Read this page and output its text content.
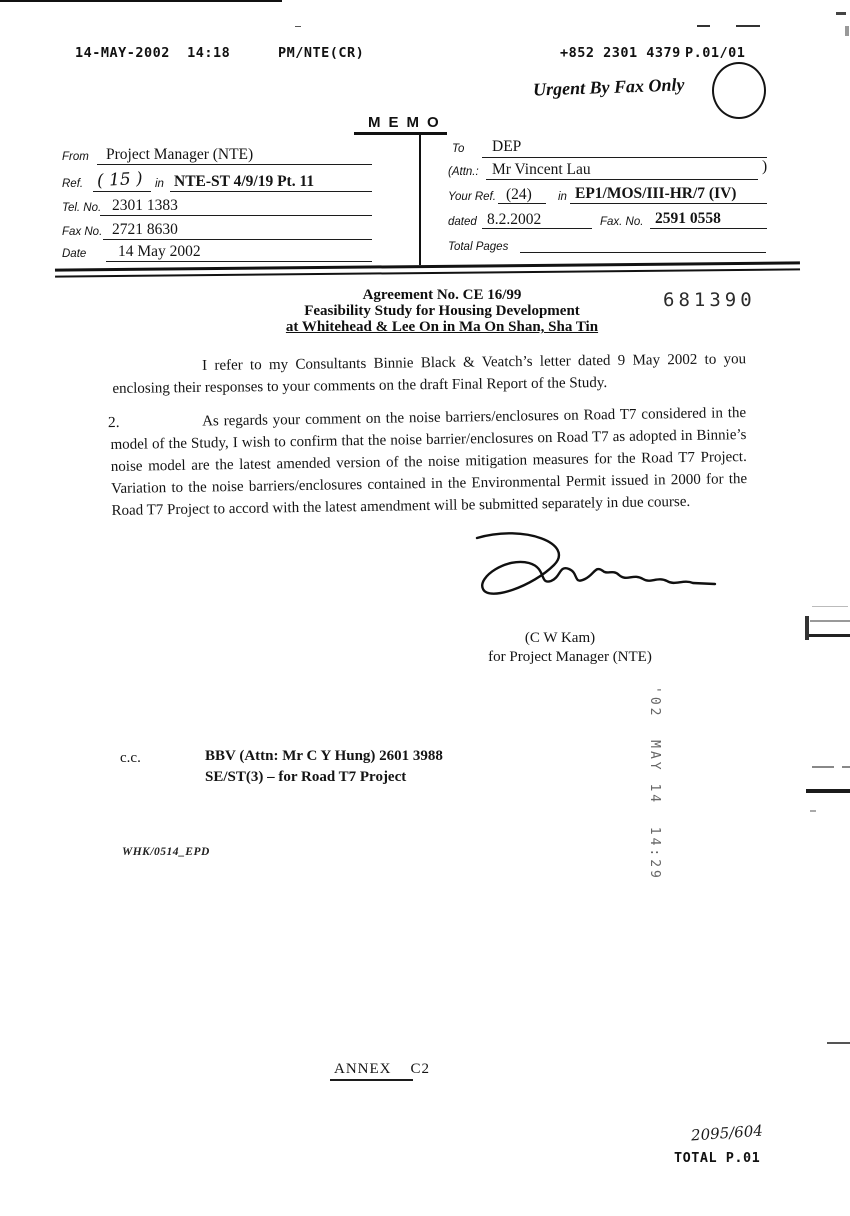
14-MAY-2002  14:18	PM/NTE(CR)	+852 2301 4379 P.01/01
Urgent By Fax Only
MEMO
From Project Manager (NTE)
Ref. ( 15 ) in NTE-ST 4/9/19 Pt. 11
Tel. No. 2301 1383
Fax No. 2721 8630
Date 14 May 2002
To DEP
(Attn.: Mr Vincent Lau	)
Your Ref. (24) in EP1/MOS/III-HR/7 (IV)
dated 8.2.2002	Fax. No. 2591 0558
Total Pages
Agreement No. CE 16/99
Feasibility Study for Housing Development
at Whitehead & Lee On in Ma On Shan, Sha Tin
681390

I refer to my Consultants Binnie Black & Veatch’s letter dated 9 May 2002 to you enclosing their responses to your comments on the draft Final Report of the Study.

2.	As regards your comment on the noise barriers/enclosures on Road T7 considered in the model of the Study, I wish to confirm that the noise barrier/enclosures on Road T7 as adopted in Binnie’s noise model are the latest amended version of the noise mitigation measures for the Road T7 Project. Variation to the noise barriers/enclosures contained in the Environmental Permit issued in 2000 for the Road T7 Project to accord with the latest amendment will be submitted separately in due course.

(C W Kam)
for Project Manager (NTE)
'02  MAY 14  14:29
c.c.	BBV (Attn: Mr C Y Hung) 2601 3988
SE/ST(3) – for Road T7 Project
WHK/0514_EPD
ANNEX    C2
2095/604
TOTAL P.01
